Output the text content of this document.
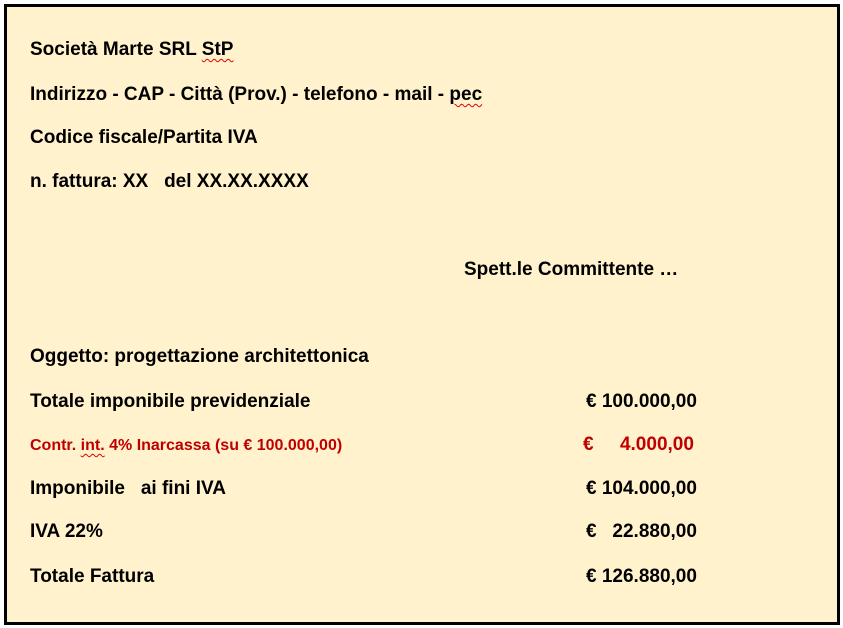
Società Marte SRL StP
Indirizzo - CAP - Città (Prov.) - telefono - mail - pec
Codice fiscale/Partita IVA
n. fattura: XX   del XX.XX.XXXX
Spett.le Committente …
Oggetto: progettazione architettonica
Totale imponibile previdenziale	€ 100.000,00
Contr. int. 4% Inarcassa (su € 100.000,00)	€     4.000,00
Imponibile   ai fini IVA	€ 104.000,00
IVA 22%	€   22.880,00
Totale Fattura	€ 126.880,00
